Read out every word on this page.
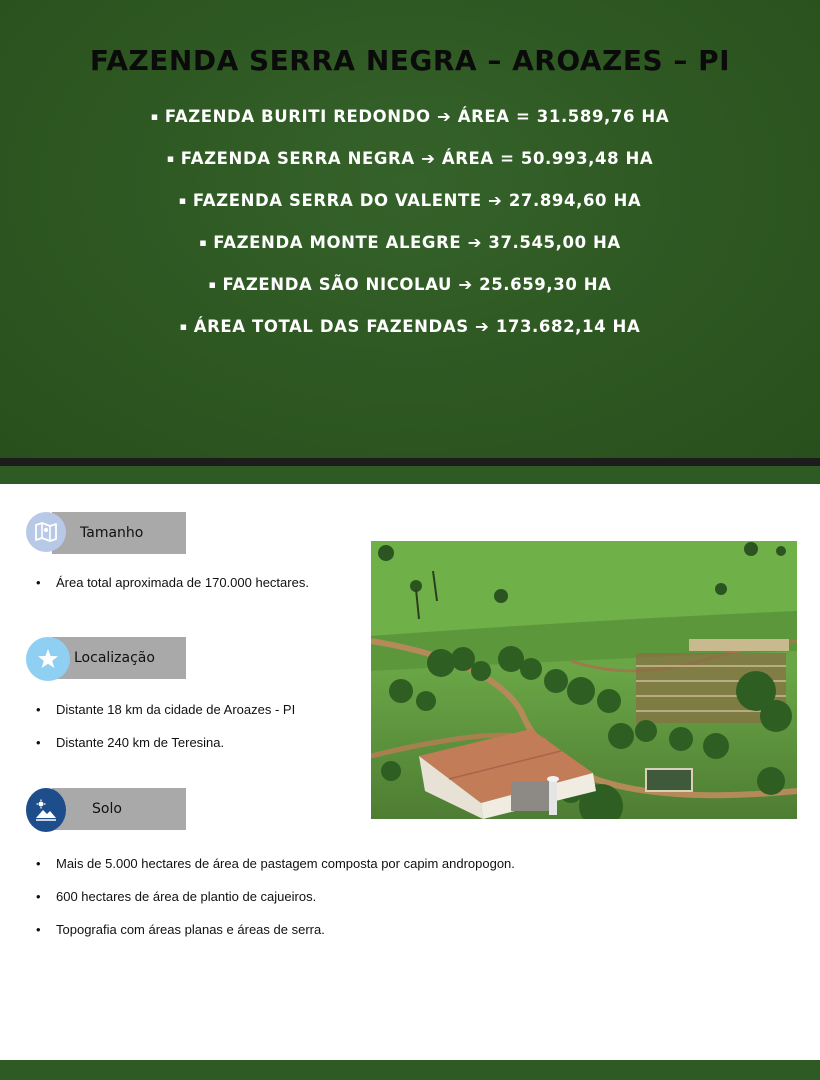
FAZENDA SERRA NEGRA – AROAZES – PI
▪ FAZENDA BURITI REDONDO ➔ ÁREA = 31.589,76 HA
▪ FAZENDA SERRA NEGRA ➔ ÁREA = 50.993,48 HA
▪ FAZENDA SERRA DO VALENTE ➔ 27.894,60 HA
▪ FAZENDA MONTE ALEGRE ➔ 37.545,00 HA
▪ FAZENDA SÃO NICOLAU ➔ 25.659,30 HA
▪ ÁREA TOTAL DAS FAZENDAS ➔ 173.682,14 HA
Tamanho
• Área total aproximada de 170.000 hectares.
Localização
• Distante 18 km da cidade de Aroazes - PI
• Distante 240 km de Teresina.
Solo
• Mais de 5.000 hectares de área de pastagem composta por capim andropogon.
• 600 hectares de área de plantio de cajueiros.
• Topografia com áreas planas e áreas de serra.
